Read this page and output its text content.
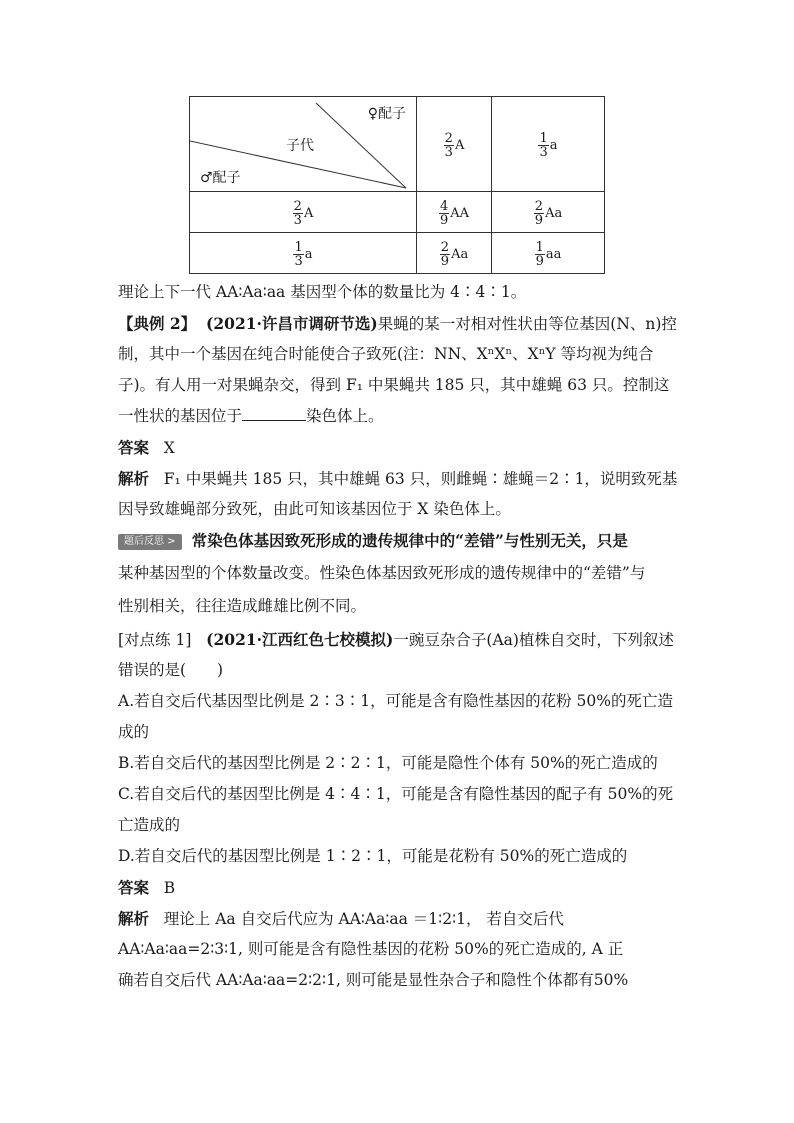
♀配子
子代
♂配子	$\frac{2}{3}$ A	$\frac{1}{3}$ a

$\frac{2}{3}$ A	$\frac{4}{9}$ AA	$\frac{2}{9}$ Aa

$\frac{1}{3}$ a	$\frac{2}{9}$ Aa	$\frac{1}{9}$ aa
理论上下一代 AA∶Aa∶aa 基因型个体的数量比为 4∶4∶1。
【典例 2】 (2021·许昌市调研节选)果蝇的某一对相对性状由等位基因(N、n)控
制，其中一个基因在纯合时能使合子致死(注：NN、XⁿXⁿ、XⁿY 等均视为纯合
子)。有人用一对果蝇杂交，得到 F₁ 中果蝇共 185 只，其中雄蝇 63 只。控制这
一性状的基因位于	染色体上。
答案 X
解析 F₁ 中果蝇共 185 只，其中雄蝇 63 只，则雌蝇∶雄蝇＝2∶1，说明致死基
因导致雄蝇部分致死，由此可知该基因位于 X 染色体上。
题后反思 > 常染色体基因致死形成的遗传规律中的“差错”与性别无关，只是
某种基因型的个体数量改变。性染色体基因致死形成的遗传规律中的“差错”与
性别相关，往往造成雌雄比例不同。
[对点练 1] (2021·江西红色七校模拟)一豌豆杂合子(Aa)植株自交时，下列叙述
错误的是(　　)
A.若自交后代基因型比例是 2∶3∶1，可能是含有隐性基因的花粉 50%的死亡造
成的
B.若自交后代的基因型比例是 2∶2∶1，可能是隐性个体有 50%的死亡造成的
C.若自交后代的基因型比例是 4∶4∶1，可能是含有隐性基因的配子有 50%的死
亡造成的
D.若自交后代的基因型比例是 1∶2∶1，可能是花粉有 50%的死亡造成的
答案 B
解析 理论上 Aa 自交后代应为 AA∶Aa∶aa ＝1∶2∶1， 若自交后代
AA∶Aa∶aa=2∶3∶1, 则可能是含有隐性基因的花粉 50%的死亡造成的, A 正
确若自交后代 AA∶Aa∶aa=2∶2∶1, 则可能是显性杂合子和隐性个体都有50%
